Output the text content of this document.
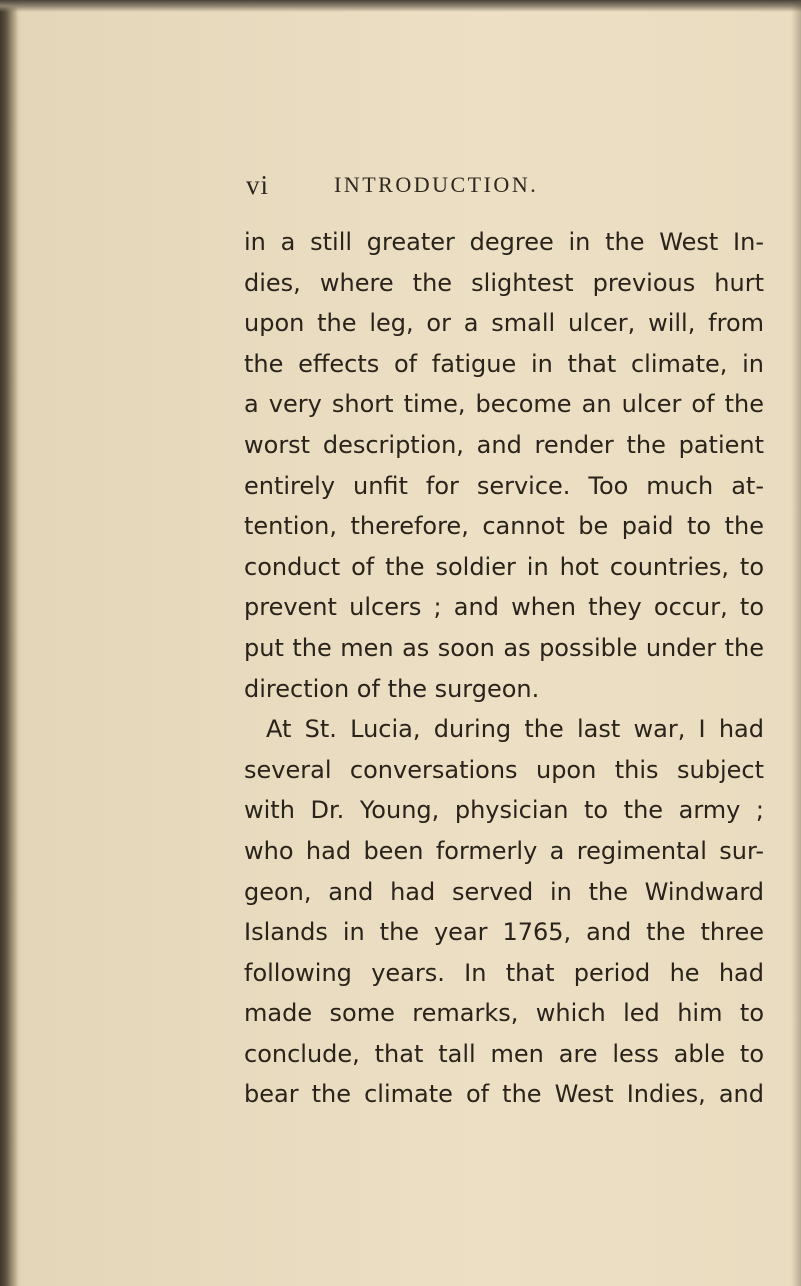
vi	INTRODUCTION.
in a still greater degree in the West In-
dies, where the slightest previous hurt
upon the leg, or a small ulcer, will, from
the effects of fatigue in that climate, in
a very short time, become an ulcer of the
worst description, and render the patient
entirely unfit for service. Too much at-
tention, therefore, cannot be paid to the
conduct of the soldier in hot countries, to
prevent ulcers ; and when they occur, to
put the men as soon as possible under the
direction of the surgeon.
At St. Lucia, during the last war, I had
several conversations upon this subject
with Dr. Young, physician to the army ;
who had been formerly a regimental sur-
geon, and had served in the Windward
Islands in the year 1765, and the three
following years. In that period he had
made some remarks, which led him to
conclude, that tall men are less able to
bear the climate of the West Indies, and
